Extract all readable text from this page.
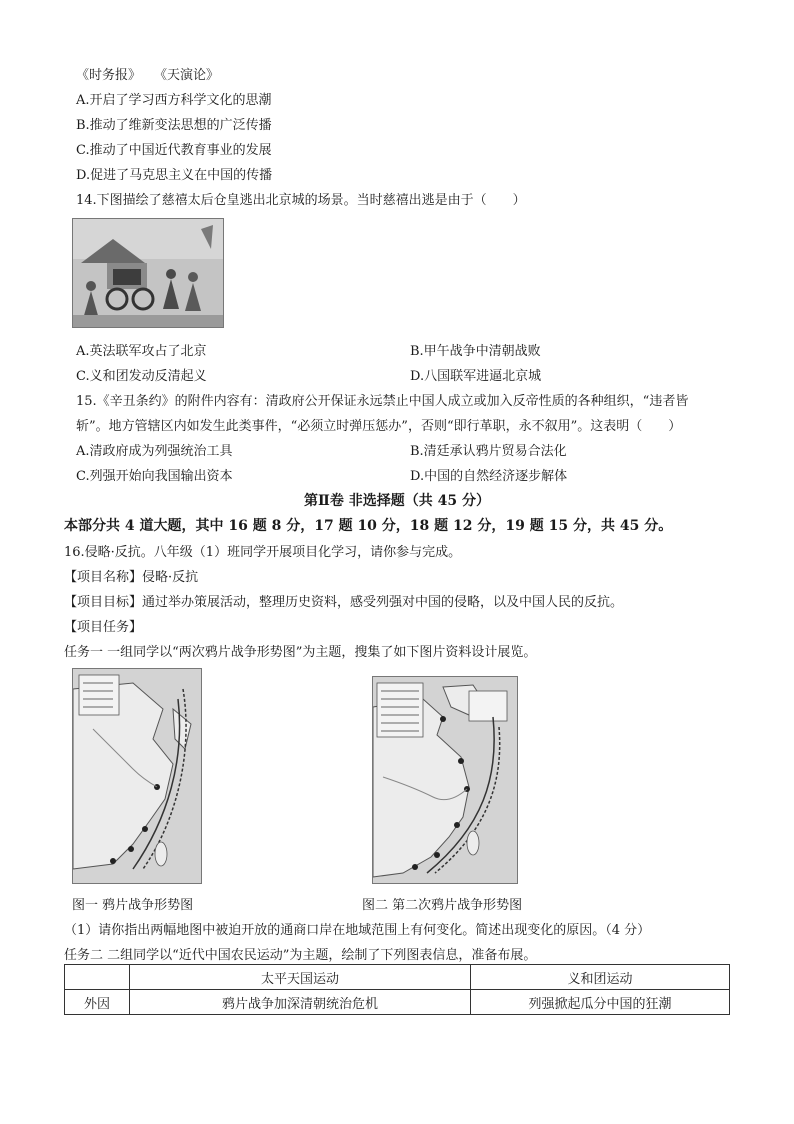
《时务报》　　《天演论》
A.开启了学习西方科学文化的思潮
B.推动了维新变法思想的广泛传播
C.推动了中国近代教育事业的发展
D.促进了马克思主义在中国的传播
14.下图描绘了慈禧太后仓皇逃出北京城的场景。当时慈禧出逃是由于（　　）
A.英法联军攻占了北京	B.甲午战争中清朝战败
C.义和团发动反清起义	D.八国联军进逼北京城
15.《辛丑条约》的附件内容有：清政府公开保证永远禁止中国人成立或加入反帝性质的各种组织，“违者皆
斩”。地方管辖区内如发生此类事件，“必须立时弹压惩办”，否则“即行革职，永不叙用”。这表明（　　）
A.清政府成为列强统治工具	B.清廷承认鸦片贸易合法化
C.列强开始向我国输出资本	D.中国的自然经济逐步解体
第Ⅱ卷 非选择题（共 45 分）
本部分共 4 道大题，其中 16 题 8 分，17 题 10 分，18 题 12 分，19 题 15 分，共 45 分。
16.侵略·反抗。八年级（1）班同学开展项目化学习，请你参与完成。
【项目名称】侵略·反抗
【项目目标】通过举办策展活动，整理历史资料，感受列强对中国的侵略，以及中国人民的反抗。
【项目任务】
任务一 一组同学以“两次鸦片战争形势图”为主题，搜集了如下图片资料设计展览。
图一 鸦片战争形势图	图二 第二次鸦片战争形势图
（1）请你指出两幅地图中被迫开放的通商口岸在地域范围上有何变化。简述出现变化的原因。（4 分）
任务二 二组同学以“近代中国农民运动”为主题，绘制了下列图表信息，准备布展。
	太平天国运动	义和团运动
外因	鸦片战争加深清朝统治危机	列强掀起瓜分中国的狂潮
